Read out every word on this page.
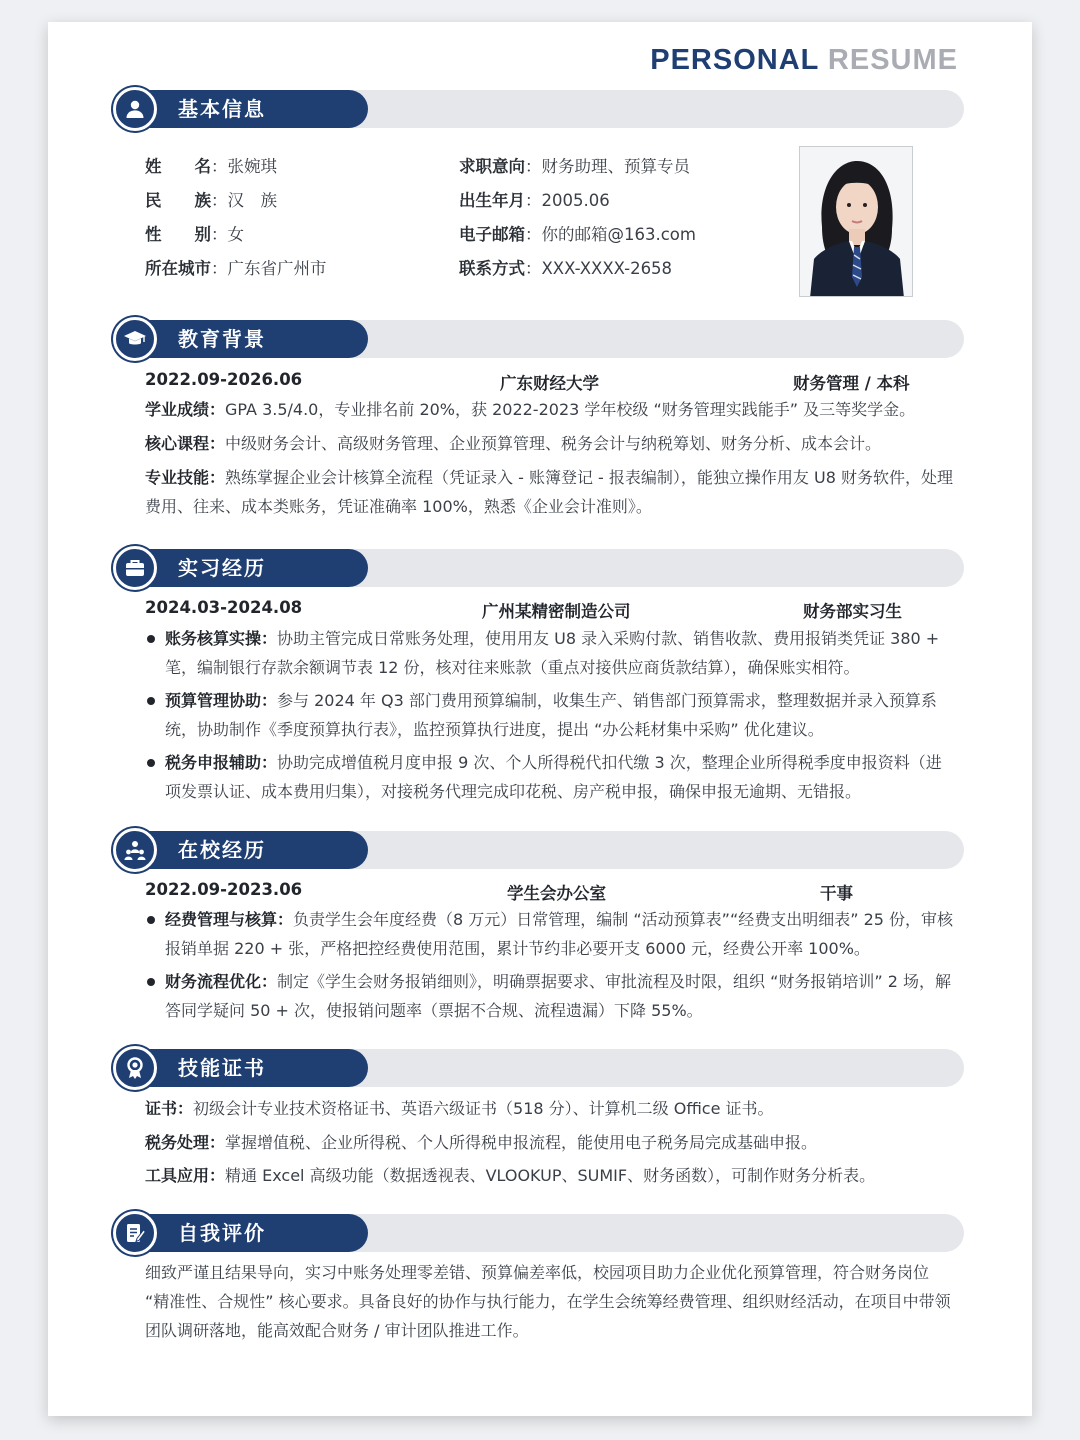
PERSONAL RESUME
基本信息
姓　　名：张婉琪
民　　族：汉　族
性　　别：女
所在城市：广东省广州市
求职意向：财务助理、预算专员
出生年月：2005.06
电子邮箱：你的邮箱@163.com
联系方式：XXX-XXXX-2658
教育背景
2022.09-2026.06	广东财经大学	财务管理 / 本科
学业成绩：GPA 3.5/4.0，专业排名前 20%，获 2022-2023 学年校级 “财务管理实践能手” 及三等奖学金。
核心课程：中级财务会计、高级财务管理、企业预算管理、税务会计与纳税筹划、财务分析、成本会计。
专业技能：熟练掌握企业会计核算全流程（凭证录入 - 账簿登记 - 报表编制），能独立操作用友 U8 财务软件，处理费用、往来、成本类账务，凭证准确率 100%，熟悉《企业会计准则》。
实习经历
2024.03-2024.08	广州某精密制造公司	财务部实习生
账务核算实操：协助主管完成日常账务处理，使用用友 U8 录入采购付款、销售收款、费用报销类凭证 380 + 笔，编制银行存款余额调节表 12 份，核对往来账款（重点对接供应商货款结算），确保账实相符。
预算管理协助：参与 2024 年 Q3 部门费用预算编制，收集生产、销售部门预算需求，整理数据并录入预算系统，协助制作《季度预算执行表》，监控预算执行进度，提出 “办公耗材集中采购” 优化建议。
税务申报辅助：协助完成增值税月度申报 9 次、个人所得税代扣代缴 3 次，整理企业所得税季度申报资料（进项发票认证、成本费用归集），对接税务代理完成印花税、房产税申报，确保申报无逾期、无错报。
在校经历
2022.09-2023.06	学生会办公室	干事
经费管理与核算：负责学生会年度经费（8 万元）日常管理，编制 “活动预算表”“经费支出明细表” 25 份，审核报销单据 220 + 张，严格把控经费使用范围，累计节约非必要开支 6000 元，经费公开率 100%。
财务流程优化：制定《学生会财务报销细则》，明确票据要求、审批流程及时限，组织 “财务报销培训” 2 场，解答同学疑问 50 + 次，使报销问题率（票据不合规、流程遗漏）下降 55%。
技能证书
证书：初级会计专业技术资格证书、英语六级证书（518 分）、计算机二级 Office 证书。
税务处理：掌握增值税、企业所得税、个人所得税申报流程，能使用电子税务局完成基础申报。
工具应用：精通 Excel 高级功能（数据透视表、VLOOKUP、SUMIF、财务函数），可制作财务分析表。
自我评价
细致严谨且结果导向，实习中账务处理零差错、预算偏差率低，校园项目助力企业优化预算管理，符合财务岗位 “精准性、合规性” 核心要求。具备良好的协作与执行能力，在学生会统筹经费管理、组织财经活动，在项目中带领团队调研落地，能高效配合财务 / 审计团队推进工作。
